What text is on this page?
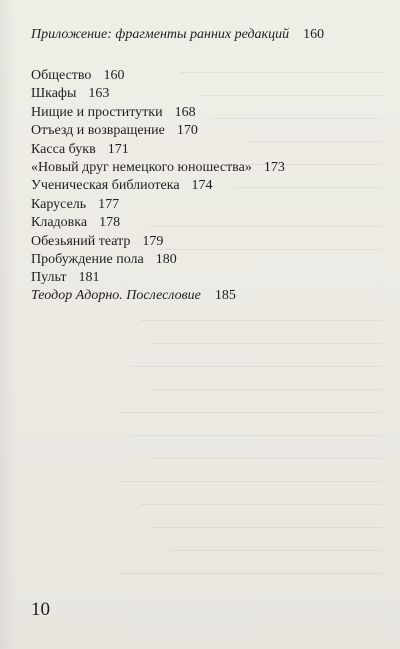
Приложение: фрагменты ранних редакций 160
Общество 160
Шкафы 163
Нищие и проститутки 168
Отъезд и возвращение 170
Касса букв 171
«Новый друг немецкого юношества» 173
Ученическая библиотека 174
Карусель 177
Кладовка 178
Обезьяний театр 179
Пробуждение пола 180
Пульт 181
Теодор Адорно. Послесловие 185
10
